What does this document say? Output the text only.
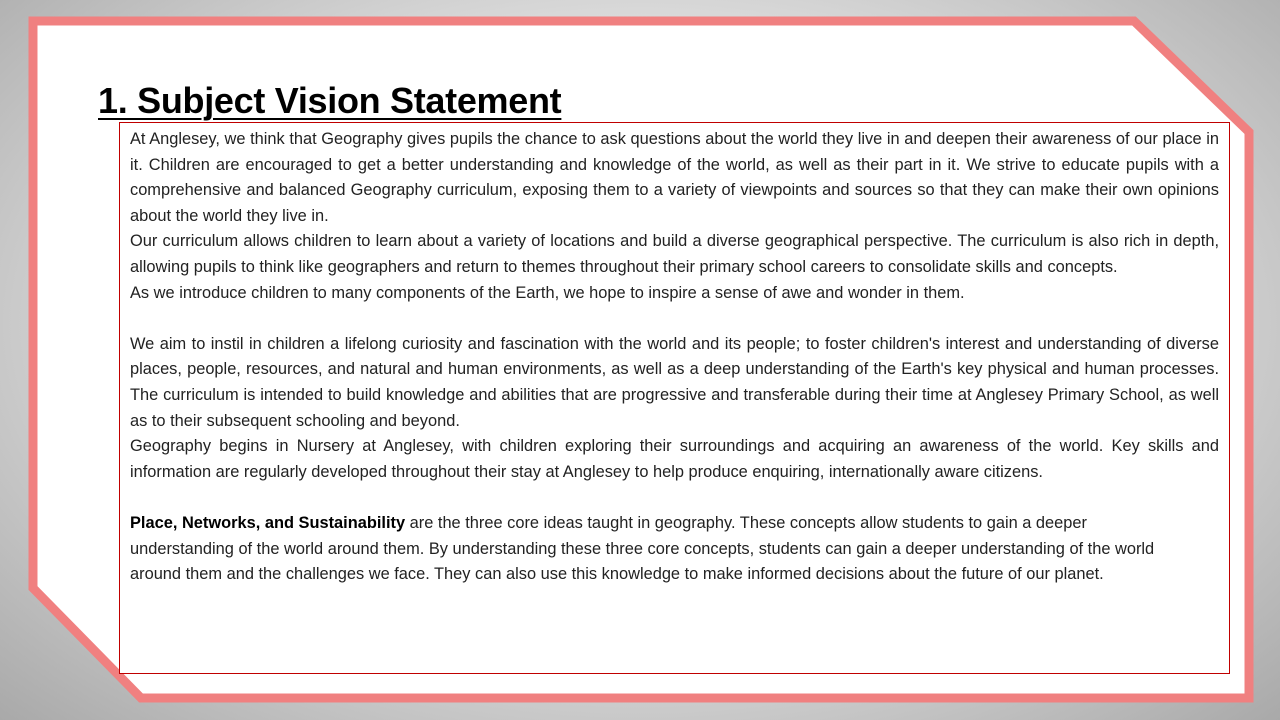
1. Subject Vision Statement

At Anglesey, we think that Geography gives pupils the chance to ask questions about the world they live in and deepen their awareness of our place in it. Children are encouraged to get a better understanding and knowledge of the world, as well as their part in it. We strive to educate pupils with a comprehensive and balanced Geography curriculum, exposing them to a variety of viewpoints and sources so that they can make their own opinions about the world they live in.

Our curriculum allows children to learn about a variety of locations and build a diverse geographical perspective. The curriculum is also rich in depth, allowing pupils to think like geographers and return to themes throughout their primary school careers to consolidate skills and concepts.

As we introduce children to many components of the Earth, we hope to inspire a sense of awe and wonder in them.

We aim to instil in children a lifelong curiosity and fascination with the world and its people; to foster children's interest and understanding of diverse places, people, resources, and natural and human environments, as well as a deep understanding of the Earth's key physical and human processes. The curriculum is intended to build knowledge and abilities that are progressive and transferable during their time at Anglesey Primary School, as well as to their subsequent schooling and beyond.

Geography begins in Nursery at Anglesey, with children exploring their surroundings and acquiring an awareness of the world. Key skills and information are regularly developed throughout their stay at Anglesey to help produce enquiring, internationally aware citizens.

Place, Networks, and Sustainability are the three core ideas taught in geography. These concepts allow students to gain a deeper understanding of the world around them. By understanding these three core concepts, students can gain a deeper understanding of the world around them and the challenges we face. They can also use this knowledge to make informed decisions about the future of our planet.
